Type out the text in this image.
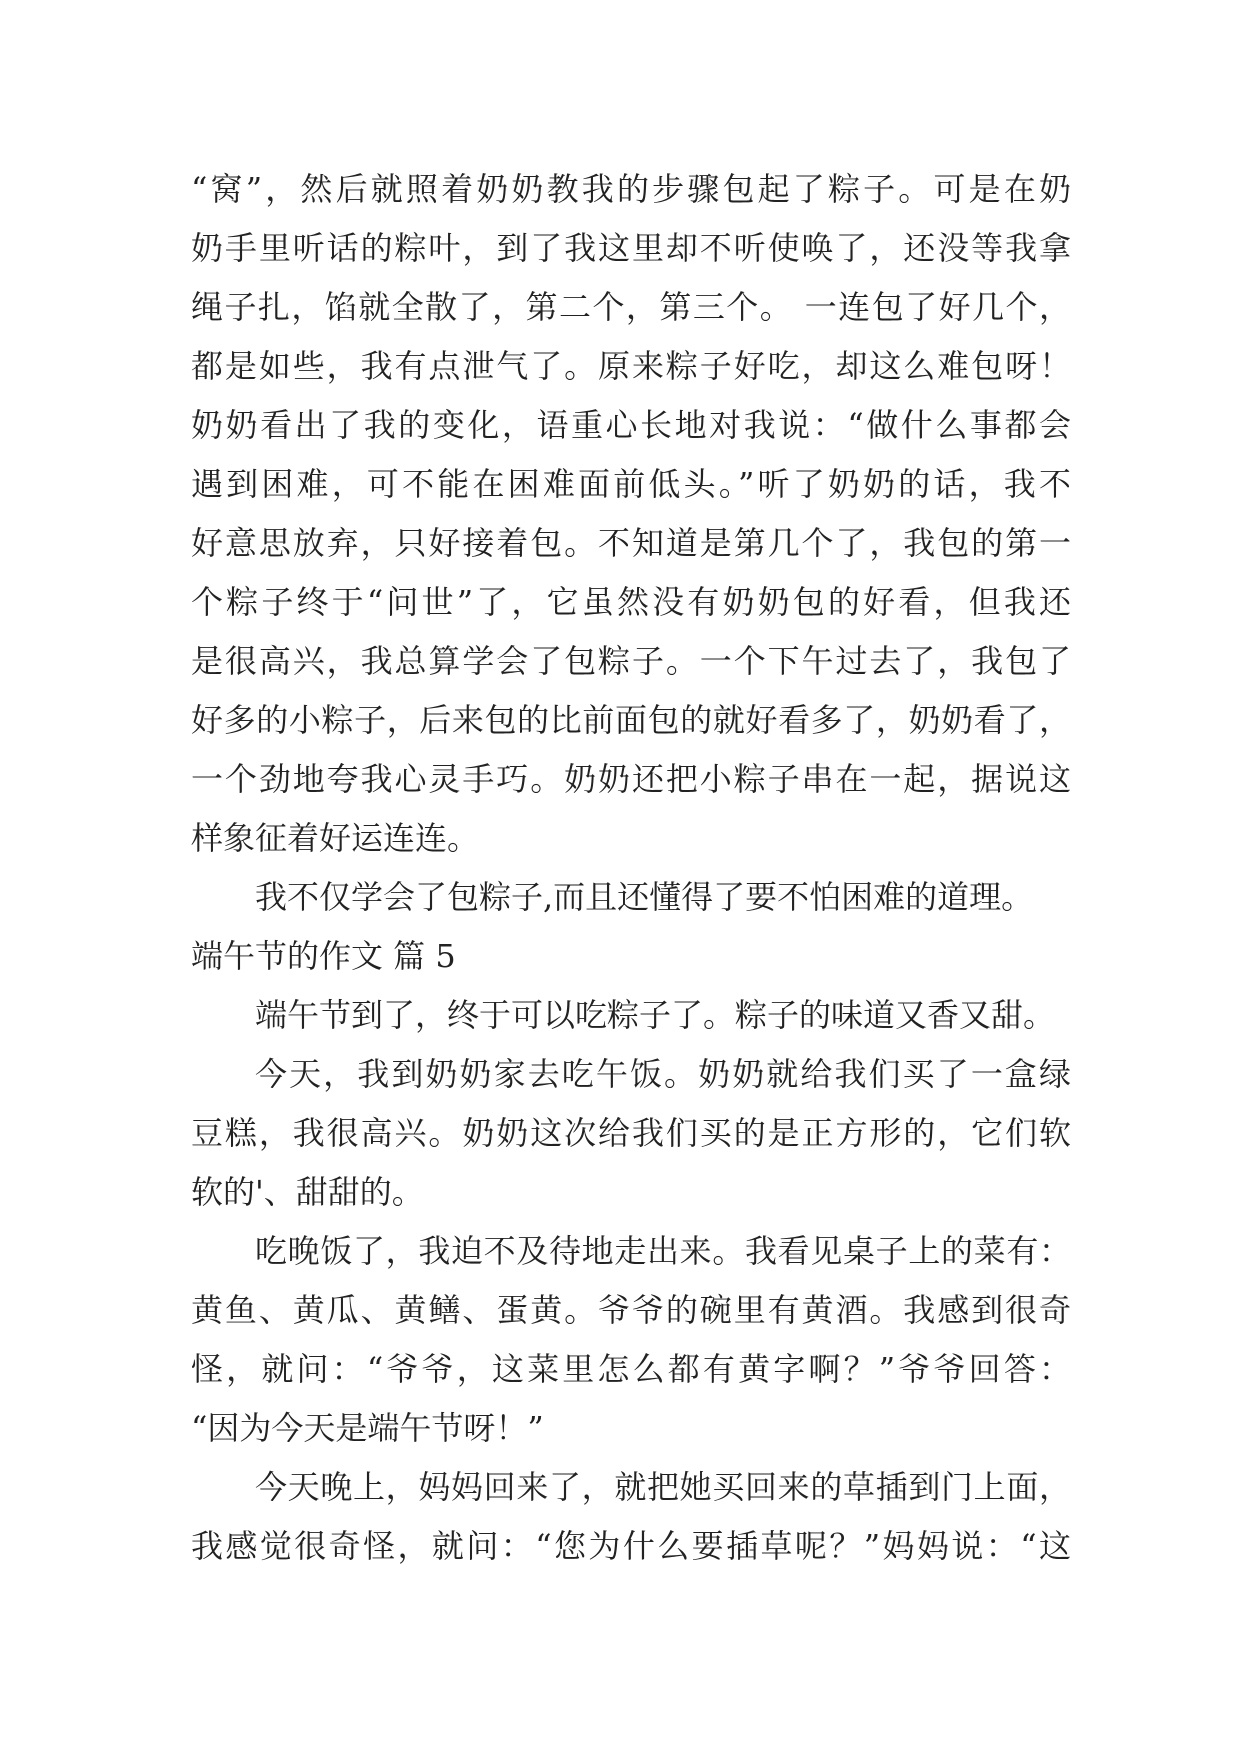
“窝”，然后就照着奶奶教我的步骤包起了粽子。可是在奶
奶手里听话的粽叶，到了我这里却不听使唤了，还没等我拿
绳子扎，馅就全散了，第二个，第三个。 一连包了好几个，
都是如些，我有点泄气了。原来粽子好吃，却这么难包呀！
奶奶看出了我的变化，语重心长地对我说：“做什么事都会
遇到困难，可不能在困难面前低头。”听了奶奶的话，我不
好意思放弃，只好接着包。不知道是第几个了，我包的第一
个粽子终于“问世”了，它虽然没有奶奶包的好看，但我还
是很高兴，我总算学会了包粽子。一个下午过去了，我包了
好多的小粽子，后来包的比前面包的就好看多了，奶奶看了，
一个劲地夸我心灵手巧。奶奶还把小粽子串在一起，据说这
样象征着好运连连。
我不仅学会了包粽子,而且还懂得了要不怕困难的道理。
端午节的作文 篇 5
端午节到了，终于可以吃粽子了。粽子的味道又香又甜。
今天，我到奶奶家去吃午饭。奶奶就给我们买了一盒绿
豆糕，我很高兴。奶奶这次给我们买的是正方形的，它们软
软的'、甜甜的。
吃晚饭了，我迫不及待地走出来。我看见桌子上的菜有：
黄鱼、黄瓜、黄鳝、蛋黄。爷爷的碗里有黄酒。我感到很奇
怪，就问：“爷爷，这菜里怎么都有黄字啊？”爷爷回答：
“因为今天是端午节呀！”
今天晚上，妈妈回来了，就把她买回来的草插到门上面，
我感觉很奇怪，就问：“您为什么要插草呢？”妈妈说：“这
